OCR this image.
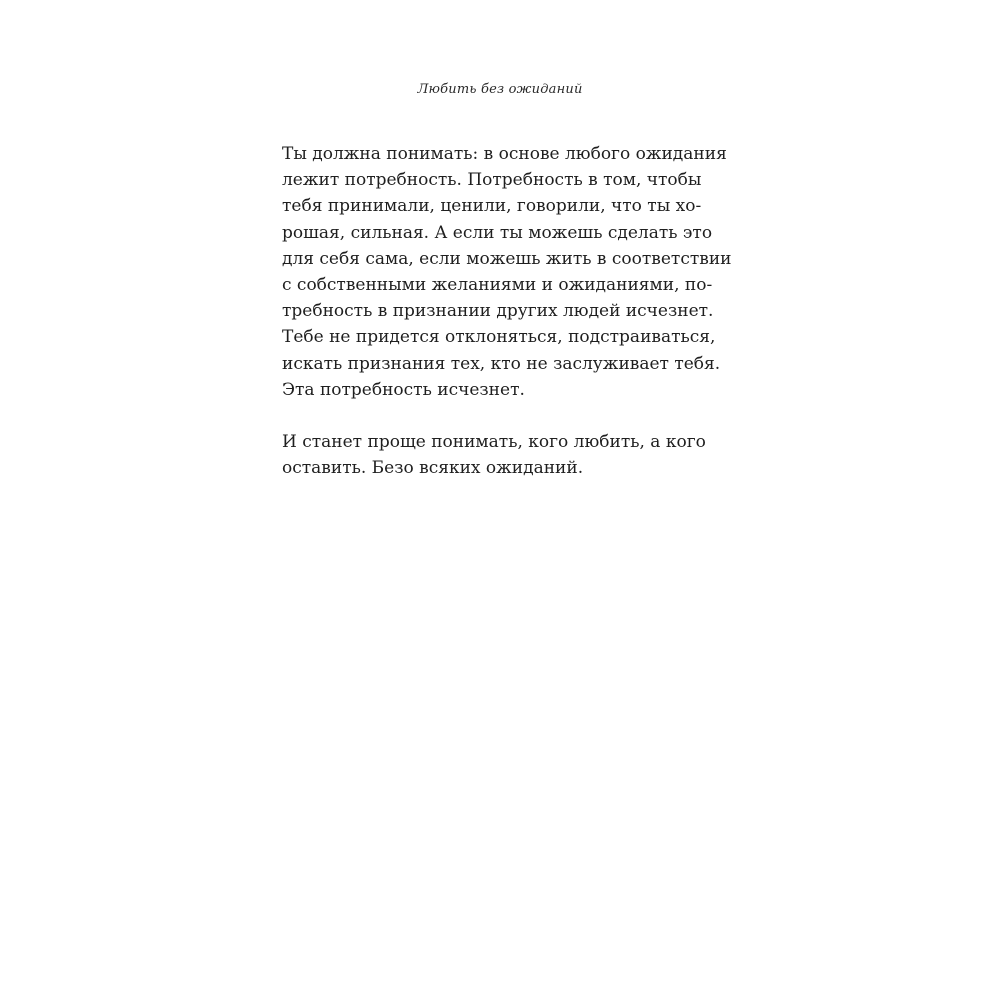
Любить без ожиданий
Ты должна понимать: в основе любого ожидания
лежит потребность. Потребность в том, чтобы
тебя принимали, ценили, говорили, что ты хо-
рошая, сильная. А если ты можешь сделать это
для себя сама, если можешь жить в соответствии
с собственными желаниями и ожиданиями, по-
требность в признании других людей исчезнет.
Тебе не придется отклоняться, подстраиваться,
искать признания тех, кто не заслуживает тебя.
Эта потребность исчезнет.
И станет проще понимать, кого любить, а кого
оставить. Безо всяких ожиданий.
